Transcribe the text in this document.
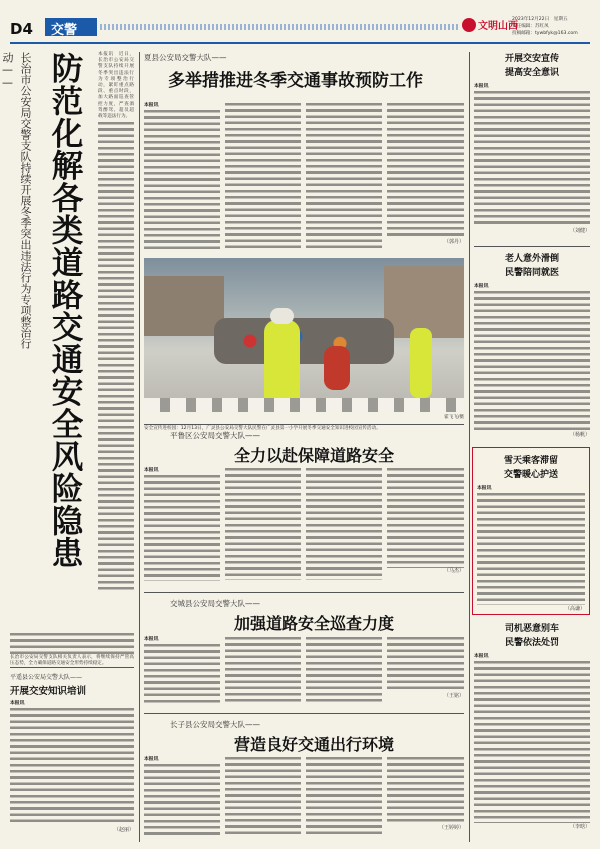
D4 交警	文明山西
2023年12月22日　星期五
责任编辑：苏红凤
投稿邮箱：tywbfyk@163.com
长治市公安局交警支队持续开展冬季突出违法行为专项整治行动——	防范化解各类道路交通安全风险隐患	本报讯　近日，长治市公安局交警支队持续开展冬季突出违法行为专项整治行动，紧盯重点路段、重点时段，加大路面巡查管控力度，严查酒驾醉驾、超员超载等违法行为。
长治市公安局交警支队相关负责人表示，将继续保持严管高压态势，全力确保道路交通安全形势持续稳定。
平遥县公安局交警大队——
开展交安知识培训
本报讯
（赵丽）
夏县公安局交警大队——
多举措推进冬季交通事故预防工作
本报讯
（郭丹）
安全宣传进校园：12月13日，广灵县公安局交警大队民警在广灵县第一小学开展冬季交通安全知识进校园宣传活动。
霍飞飞/摄
平鲁区公安局交警大队——
全力以赴保障道路安全
本报讯
（马杰）
交城县公安局交警大队——
加强道路安全巡查力度
本报讯
（王铭）
长子县公安局交警大队——
营造良好交通出行环境
本报讯
（王婷婷）
开展交安宣传
提高安全意识
本报讯
（刘健）
老人意外滑倒
民警陪同就医
本报讯
（杨帆）
雪天乘客滞留
交警暖心护送
本报讯
（高谦）
司机恶意别车
民警依法处罚
本报讯
（李晗）
